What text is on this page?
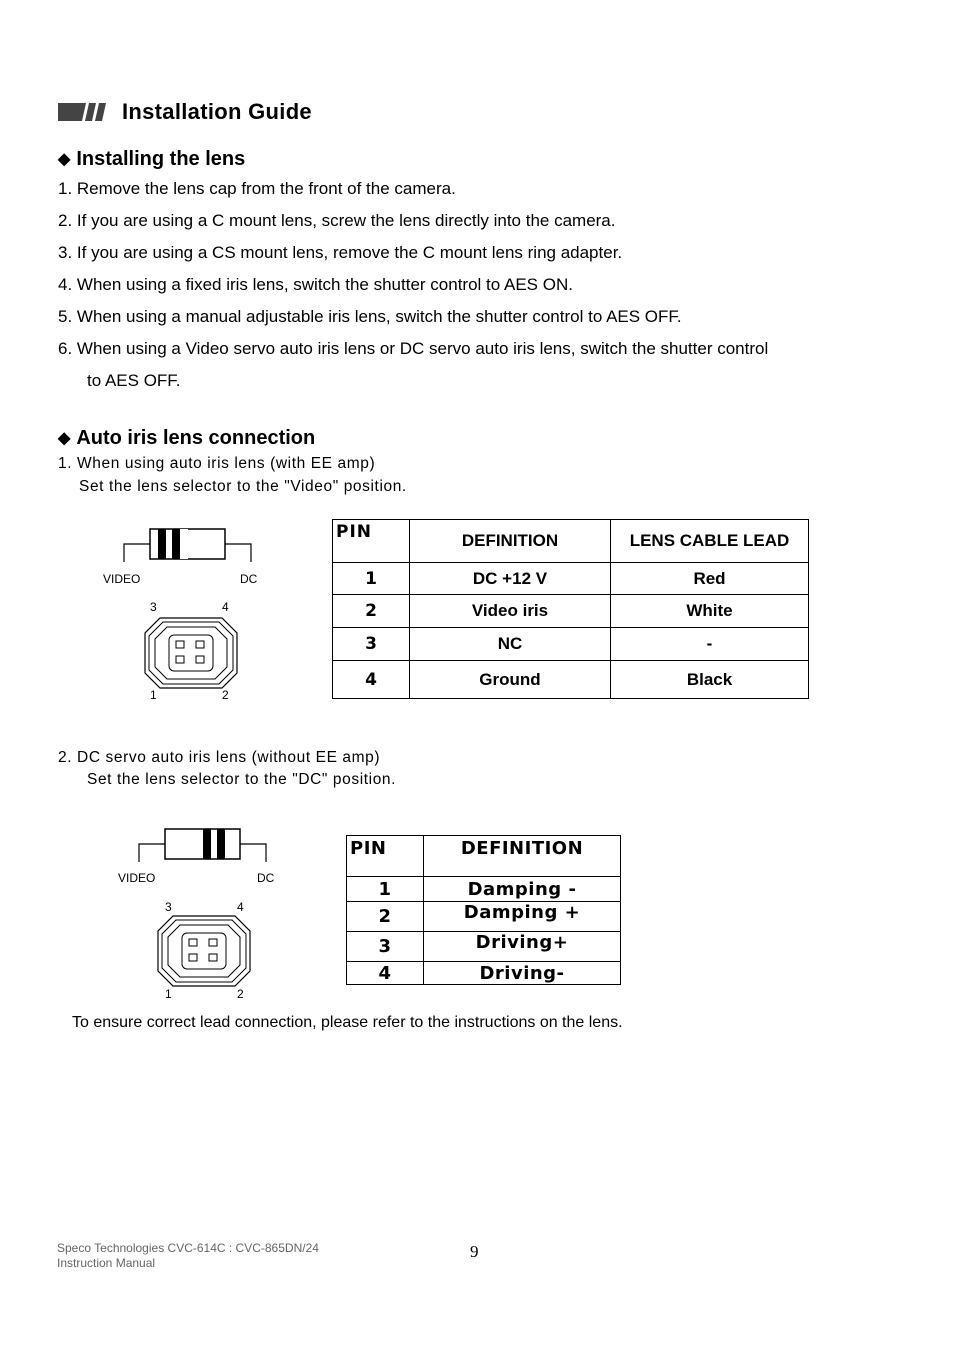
Installation Guide
◆ Installing the lens
1. Remove the lens cap from the front of the camera.
2. If you are using a C mount lens, screw the lens directly into the camera.
3. If you are using a CS mount lens, remove the C mount lens ring adapter.
4. When using a fixed iris lens, switch the shutter control to AES ON.
5. When using a manual adjustable iris lens, switch the shutter control to AES OFF.
6. When using a Video servo auto iris lens or DC servo auto iris lens, switch the shutter control
to AES OFF.
◆ Auto iris lens connection
1. When using auto iris lens (with EE amp)
Set the lens selector to the "Video" position.
VIDEO	DC
3	4
1	2
PIN	DEFINITION	LENS CABLE LEAD
1	DC +12 V	Red
2	Video iris	White
3	NC	-
4	Ground	Black
2. DC servo auto iris lens (without EE amp)
Set the lens selector to the "DC" position.
VIDEO	DC
3	4
1	2
PIN	DEFINITION
1	Damping -
2	Damping +
3	Driving+
4	Driving-
To ensure correct lead connection, please refer to the instructions on the lens.
Speco Technologies CVC-614C : CVC-865DN/24
Instruction Manual
9
